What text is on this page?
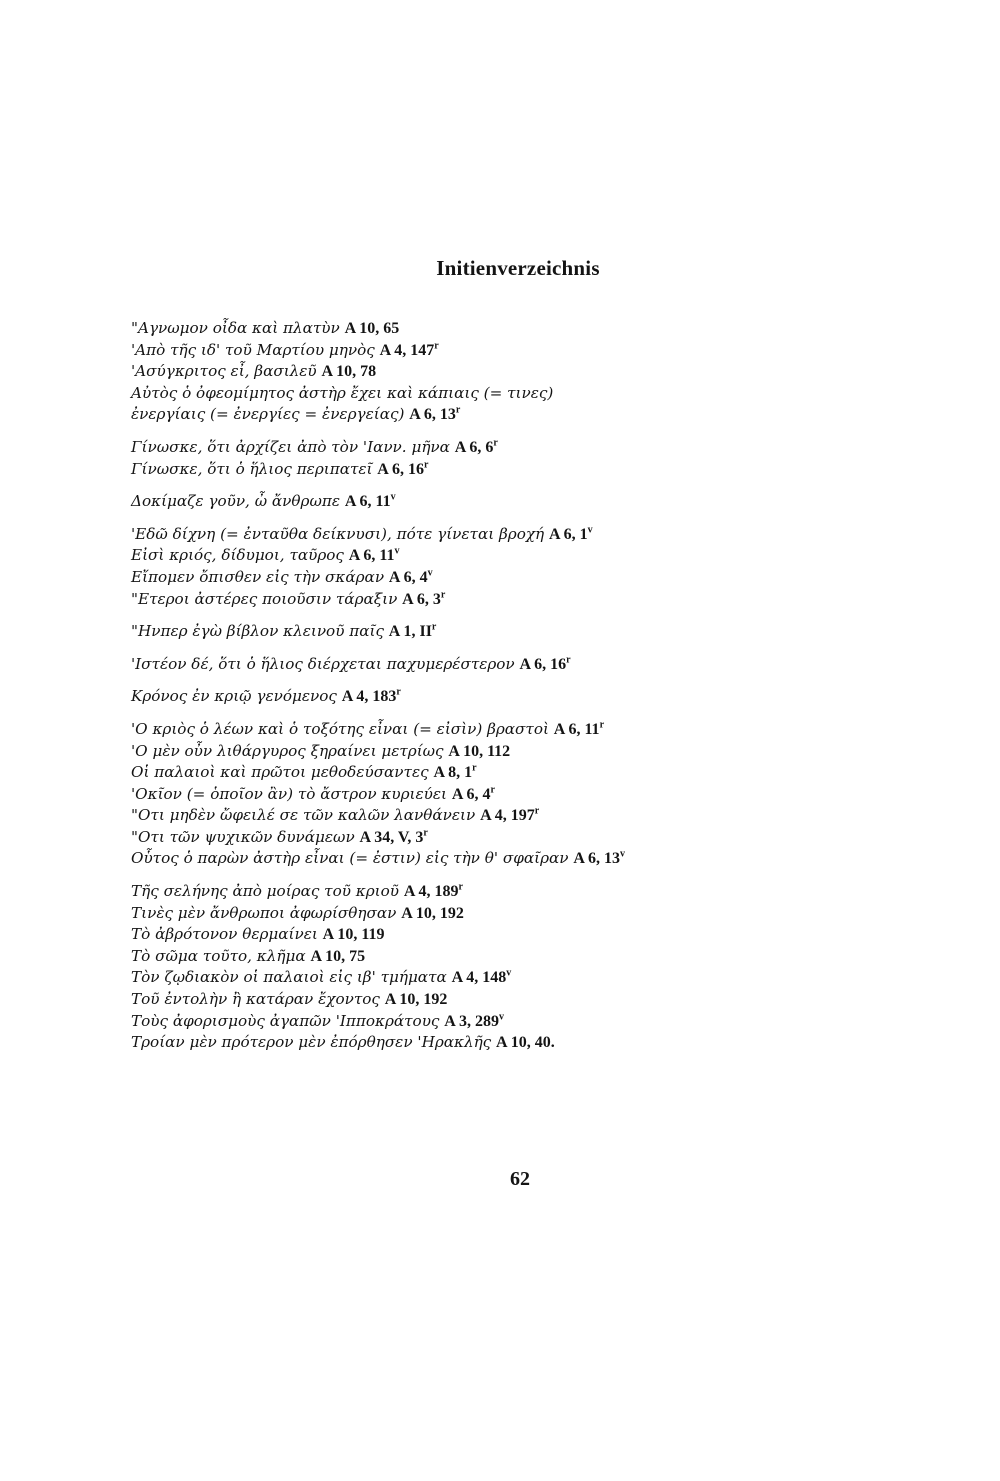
Initienverzeichnis
"Αγνωμον οἶδα καὶ πλατὺν A 10, 65
'Απὸ τῆς ιδ' τοῦ Μαρτίου μηνὸς A 4, 147$^r$
'Ασύγκριτος εἶ, βασιλεῦ A 10, 78
Αὐτὸς ὁ ὀφεομίμητος ἀστὴρ ἔχει καὶ κάπιαις (= τινες)
ἐνεργίαις (= ἐνεργίες = ἐνεργείας) A 6, 13$^r$
Γίνωσκε, ὅτι ἀρχίζει ἀπὸ τὸν 'Ιανν. μῆνα A 6, 6$^r$
Γίνωσκε, ὅτι ὁ ἥλιος περιπατεῖ A 6, 16$^r$
Δοκίμαζε γοῦν, ὦ ἄνθρωπε A 6, 11$^v$
'Εδῶ δίχνη (= ἐνταῦθα δείκνυσι), πότε γίνεται βροχή A 6, 1$^v$
Εἰσὶ κριός, δίδυμοι, ταῦρος A 6, 11$^v$
Εἴπομεν ὄπισθεν εἰς τὴν σκάραν A 6, 4$^v$
"Ετεροι ἀστέρες ποιοῦσιν τάραξιν A 6, 3$^r$
"Ηνπερ ἐγὼ βίβλον κλεινοῦ παῖς A 1, $II^r$
'Ιστέον δέ, ὅτι ὁ ἥλιος διέρχεται παχυμερέστερον A 6, 16$^r$
Κρόνος ἐν κριῷ γενόμενος A 4, 183$^r$
'Ο κριὸς ὁ λέων καὶ ὁ τοξότης εἶναι (= εἰσὶν) βραστοὶ A 6, 11$^r$
'Ο μὲν οὖν λιθάργυρος ξηραίνει μετρίως A 10, 112
Οἱ παλαιοὶ καὶ πρῶτοι μεθοδεύσαντες A 8, 1$^r$
'Οκῖον (= ὁποῖον ἂν) τὸ ἄστρον κυριεύει A 6, 4$^r$
"Οτι μηδὲν ὤφειλέ σε τῶν καλῶν λανθάνειν A 4, 197$^r$
"Οτι τῶν ψυχικῶν δυνάμεων A 34, V, 3$^r$
Οὗτος ὁ παρὼν ἀστὴρ εἶναι (= ἐστιν) εἰς τὴν θ' σφαῖραν A 6, 13$^v$
Τῆς σελήνης ἀπὸ μοίρας τοῦ κριοῦ A 4, 189$^r$
Τινὲς μὲν ἄνθρωποι ἀφωρίσθησαν A 10, 192
Τὸ ἀβρότονον θερμαίνει A 10, 119
Τὸ σῶμα τοῦτο, κλῆμα A 10, 75
Τὸν ζῳδιακὸν οἱ παλαιοὶ εἰς ιβ' τμήματα A 4, 148$^v$
Τοῦ ἐντολὴν ἢ κατάραν ἔχοντος A 10, 192
Τοὺς ἀφορισμοὺς ἀγαπῶν 'Ιπποκράτους A 3, 289$^v$
Τροίαν μὲν πρότερον μὲν ἐπόρθησεν 'Ηρακλῆς A 10, 40.
62
